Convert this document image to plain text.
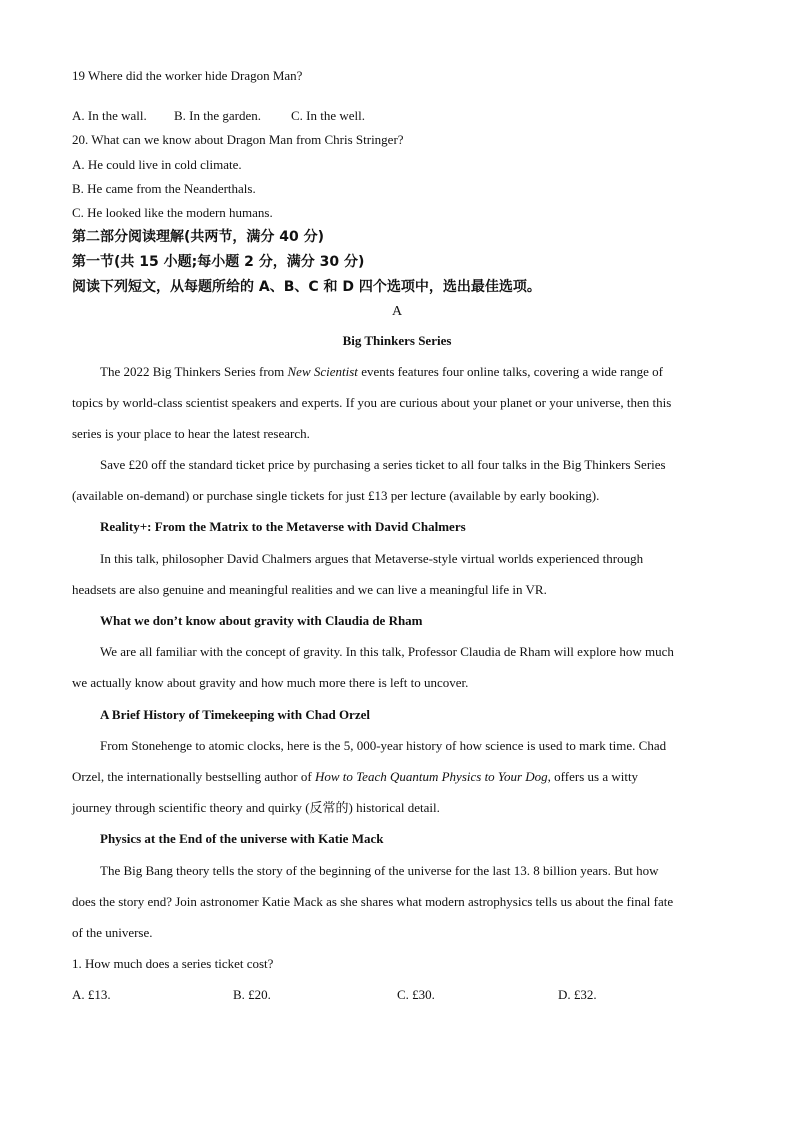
19 Where did the worker hide Dragon Man?
A. In the wall.	B. In the garden.	C. In the well.
20. What can we know about Dragon Man from Chris Stringer?
A. He could live in cold climate.
B. He came from the Neanderthals.
C. He looked like the modern humans.
第二部分阅读理解(共两节，满分 40 分)
第一节(共 15 小题;每小题 2 分，满分 30 分)
阅读下列短文，从每题所给的 A、B、C 和 D 四个选项中，选出最佳选项。
A
Big Thinkers Series
The 2022 Big Thinkers Series from New Scientist events features four online talks, covering a wide range of
topics by world-class scientist speakers and experts. If you are curious about your planet or your universe, then this
series is your place to hear the latest research.
Save £20 off the standard ticket price by purchasing a series ticket to all four talks in the Big Thinkers Series
(available on-demand) or purchase single tickets for just £13 per lecture (available by early booking).
Reality+: From the Matrix to the Metaverse with David Chalmers
In this talk, philosopher David Chalmers argues that Metaverse-style virtual worlds experienced through
headsets are also genuine and meaningful realities and we can live a meaningful life in VR.
What we don’t know about gravity with Claudia de Rham
We are all familiar with the concept of gravity. In this talk, Professor Claudia de Rham will explore how much
we actually know about gravity and how much more there is left to uncover.
A Brief History of Timekeeping with Chad Orzel
From Stonehenge to atomic clocks, here is the 5, 000-year history of how science is used to mark time. Chad
Orzel, the internationally bestselling author of How to Teach Quantum Physics to Your Dog, offers us a witty
journey through scientific theory and quirky (反常的) historical detail.
Physics at the End of the universe with Katie Mack
The Big Bang theory tells the story of the beginning of the universe for the last 13. 8 billion years. But how
does the story end? Join astronomer Katie Mack as she shares what modern astrophysics tells us about the final fate
of the universe.
1. How much does a series ticket cost?
A. £13.	B. £20.	C. £30.	D. £32.
